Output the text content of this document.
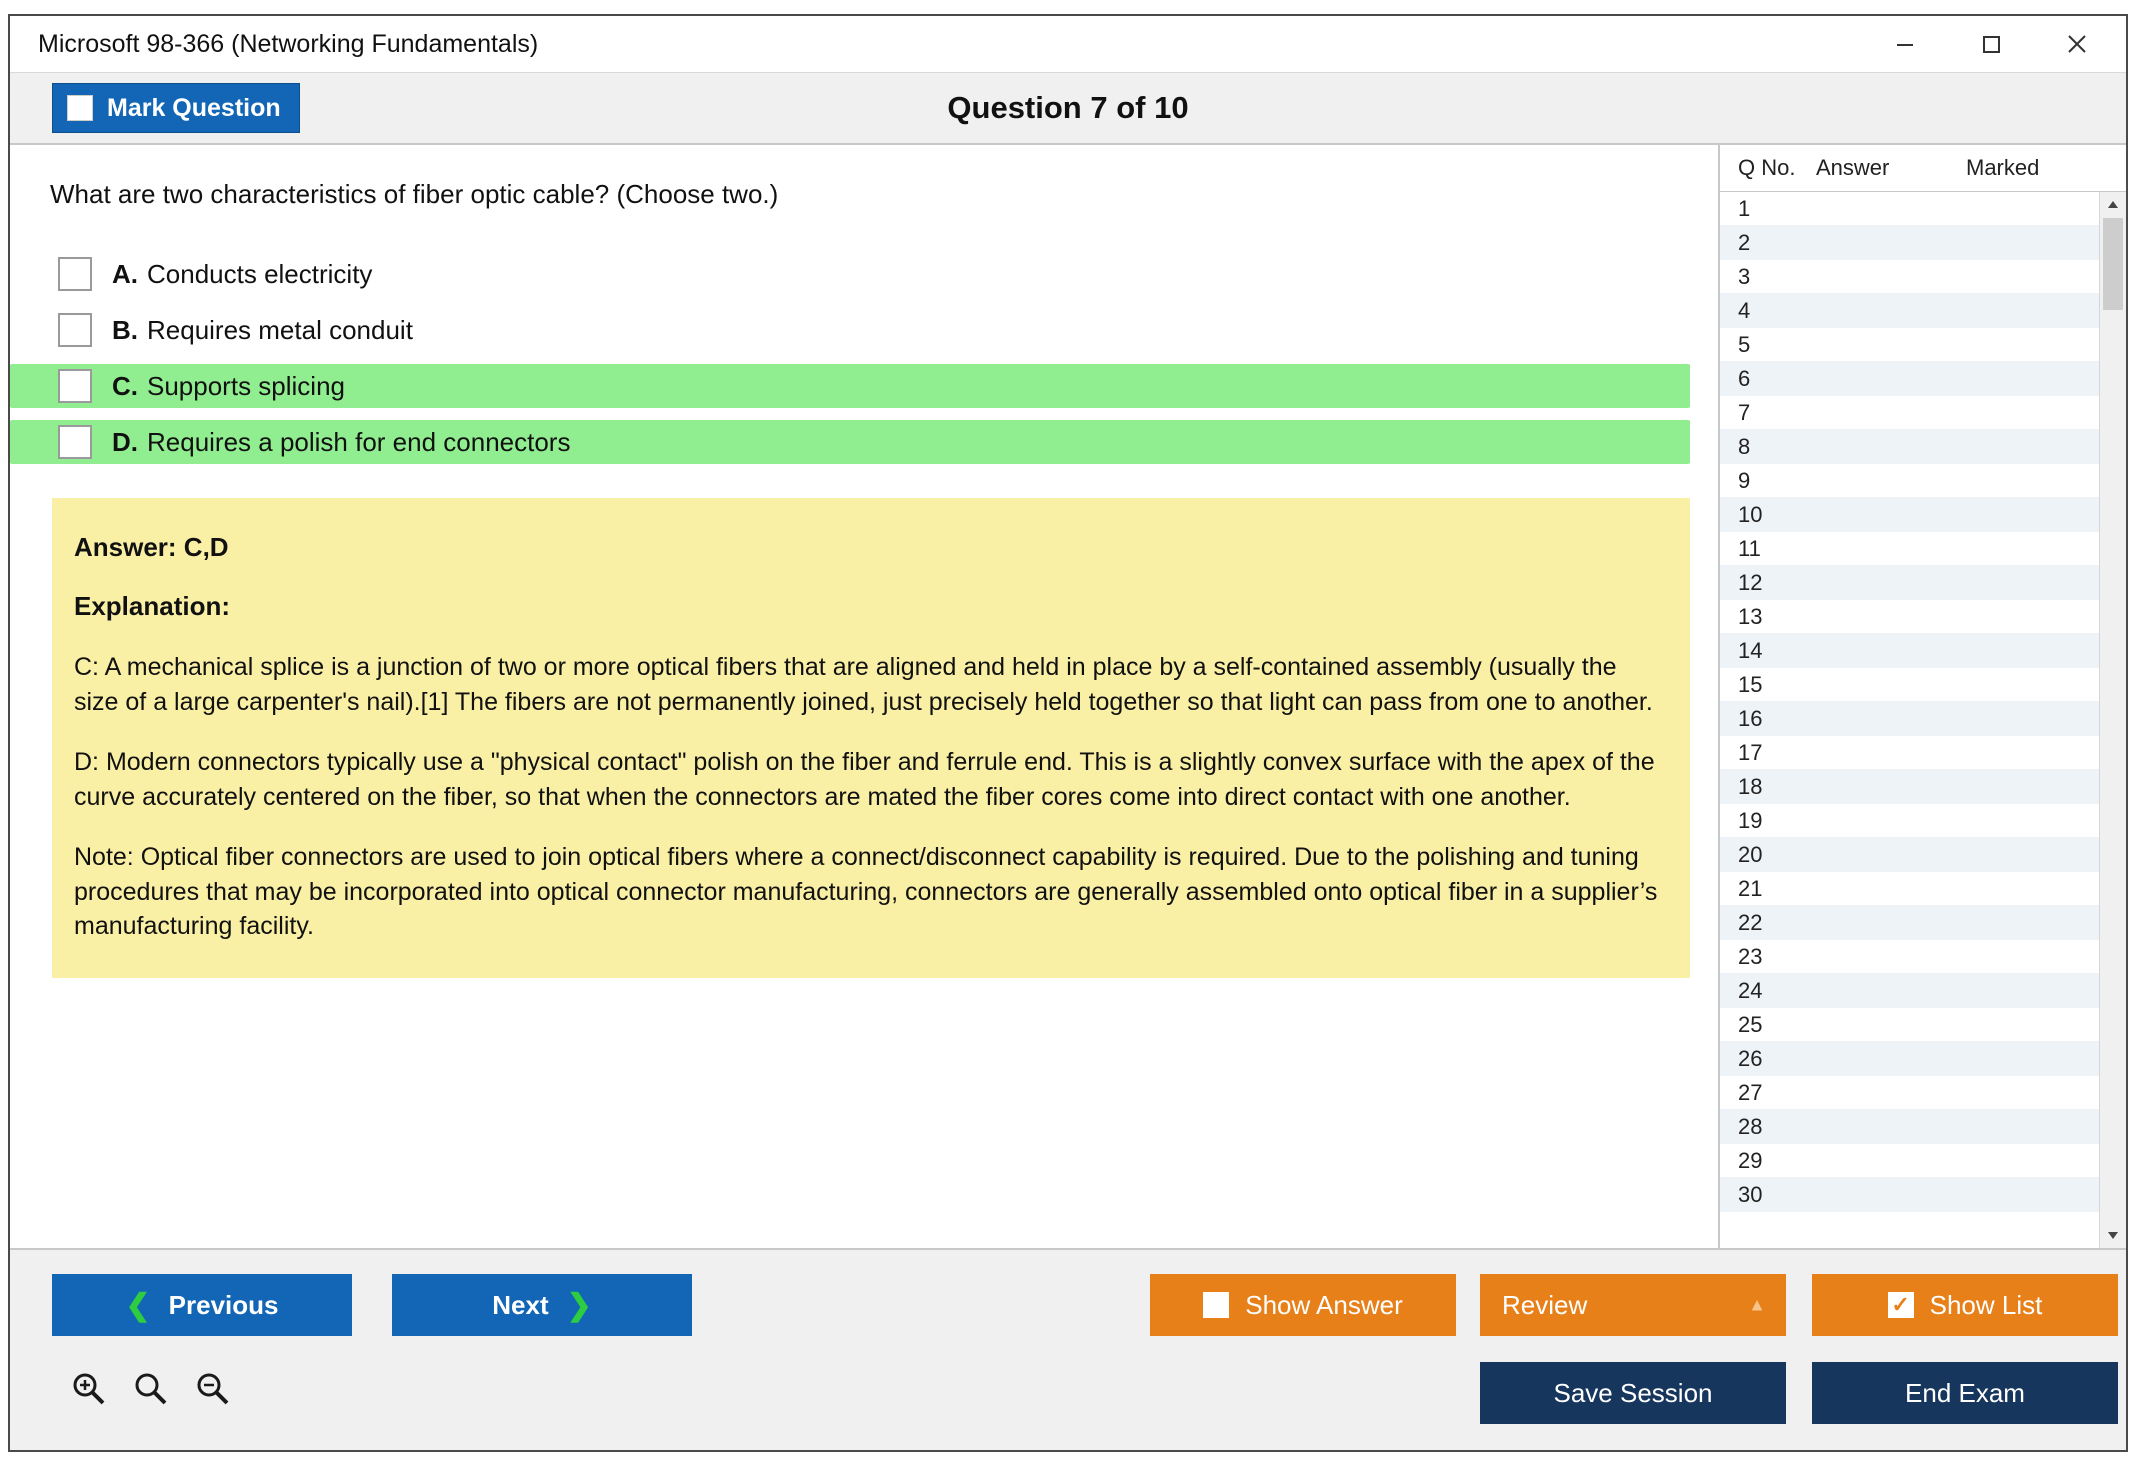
Microsoft 98-366 (Networking Fundamentals)
Mark Question	Question 7 of 10
What are two characteristics of fiber optic cable? (Choose two.)
A. Conducts electricity
B. Requires metal conduit
C. Supports splicing
D. Requires a polish for end connectors
Answer: C,D
Explanation:
C: A mechanical splice is a junction of two or more optical fibers that are aligned and held in place by a self-contained assembly (usually the size of a large carpenter's nail).[1] The fibers are not permanently joined, just precisely held together so that light can pass from one to another.
D: Modern connectors typically use a "physical contact" polish on the fiber and ferrule end. This is a slightly convex surface with the apex of the curve accurately centered on the fiber, so that when the connectors are mated the fiber cores come into direct contact with one another.
Note: Optical fiber connectors are used to join optical fibers where a connect/disconnect capability is required. Due to the polishing and tuning procedures that may be incorporated into optical connector manufacturing, connectors are generally assembled onto optical fiber in a supplier’s manufacturing facility.
Q No. Answer	Marked
1
2
3
4
5
6
7
8
9
10
11
12
13
14
15
16
17
18
19
20
21
22
23
24
25
26
27
28
29
30
❮ Previous	Next ❯	Show Answer	Review	▲	✓ Show List
Save Session	End Exam
